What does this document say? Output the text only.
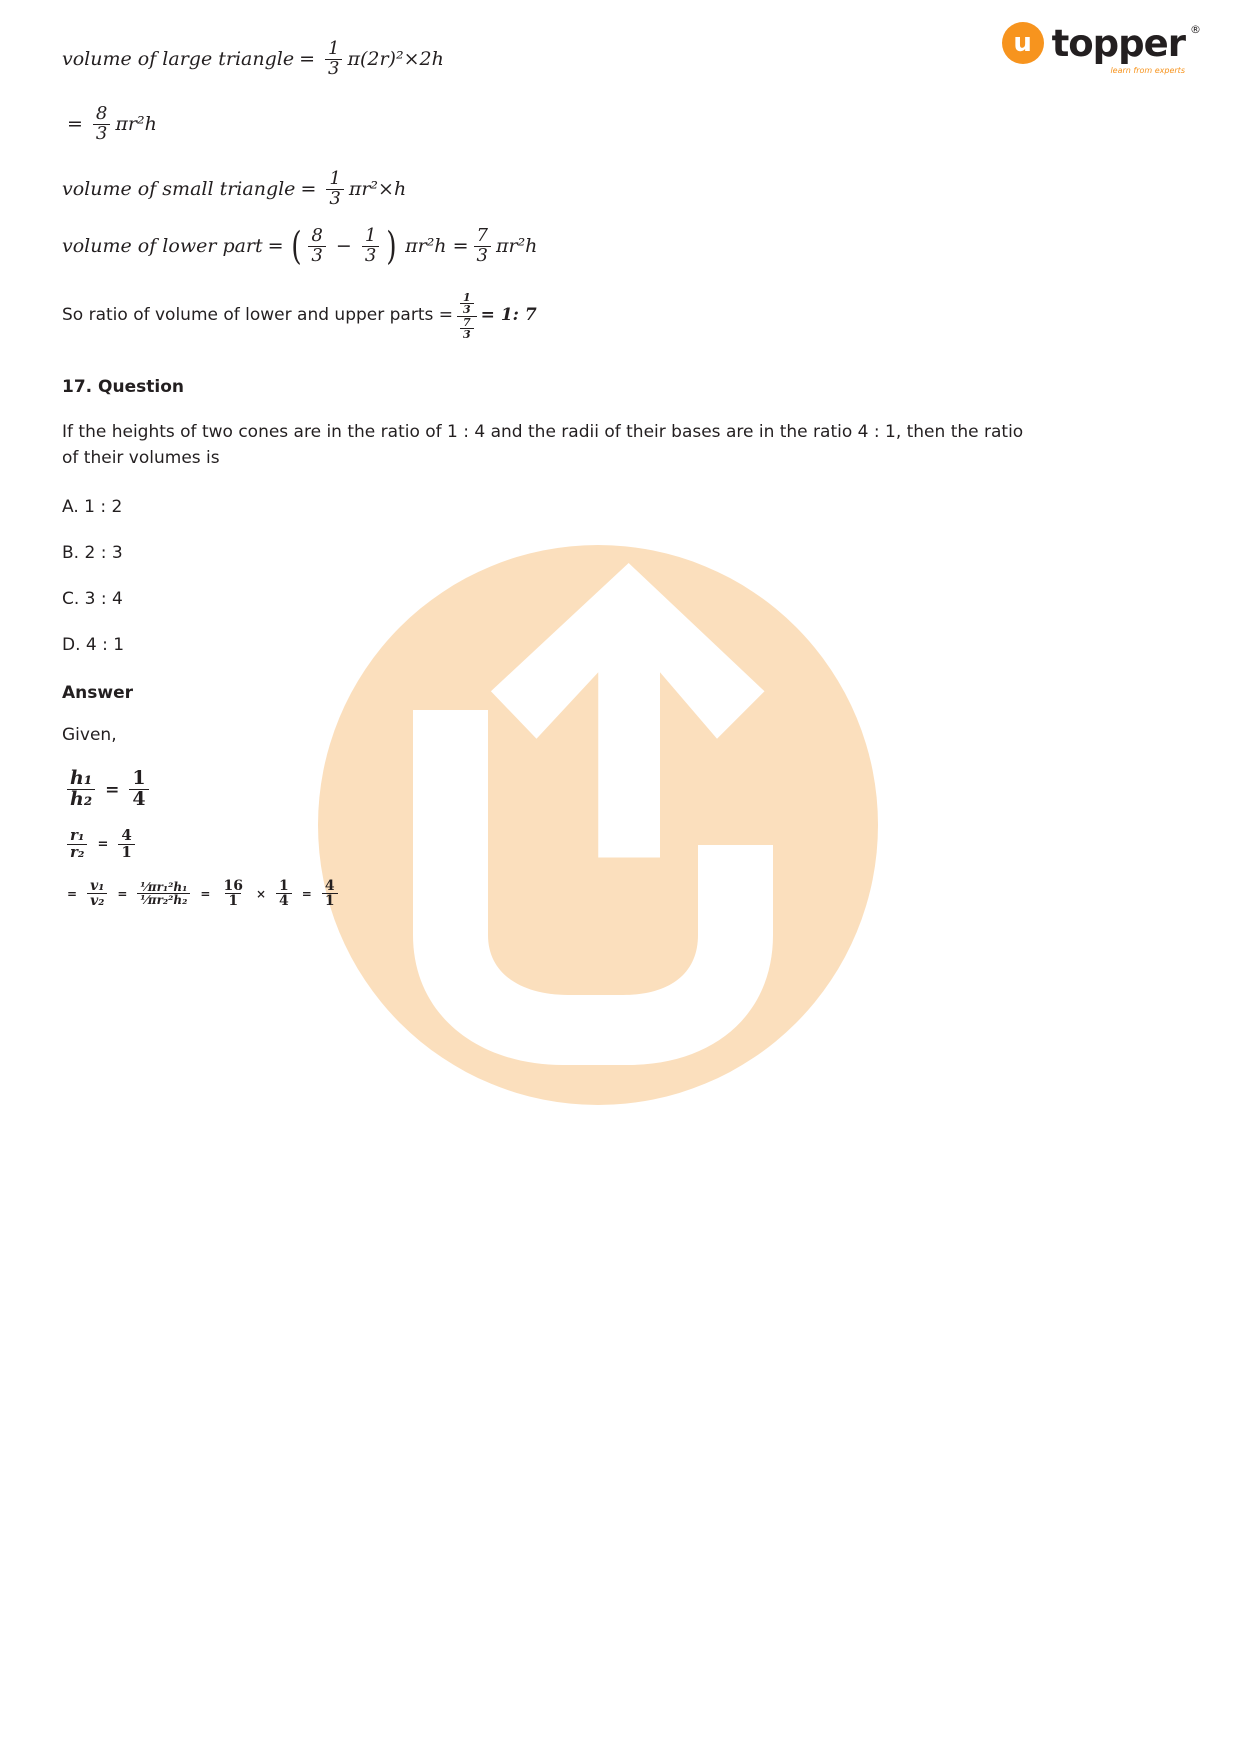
u topper ®
learn from experts
volume of large triangle = $\frac{1}{3} \pi(2r)^2\times 2h$
= $\frac{8}{3} \pi r^2h$
volume of small triangle = $\frac{1}{3} \pi r^2\times h$
volume of lower part = ( $\frac{8}{3} - \frac{1}{3}$ ) $\pi r^2h = \frac{7}{3} \pi r^2h$
So ratio of volume of lower and upper parts = $\frac{\frac{1}{3}}{\frac{7}{3}} = 1$: 7
17. Question
If the heights of two cones are in the ratio of 1 : 4 and the radii of their bases are in the ratio 4 : 1, then the ratio of their volumes is
A. 1 : 2
B. 2 : 3
C. 3 : 4
D. 4 : 1
Answer
Given,
$\frac{\text{h₁}}{\text{h₂}} = \frac{1}{4}$
$\frac{\text{r₁}}{\text{r₂}} = \frac{4}{1}$
= $\frac{\text{v₁}}{\text{v₂}} = \frac{\text{⅟πr₁²h₁}}{\text{⅟πr₂²h₂}} = \frac{16}{1} \times \frac{1}{4} = \frac{4}{1}$
